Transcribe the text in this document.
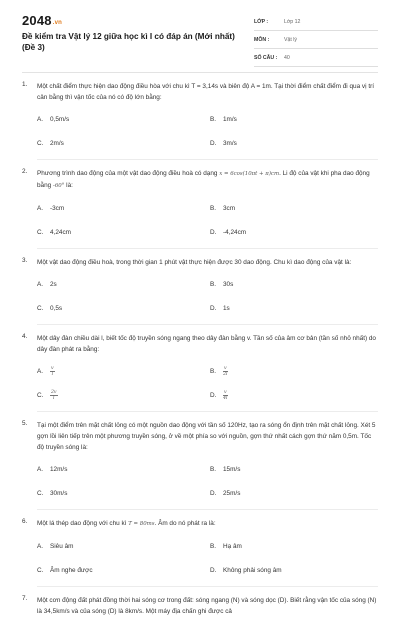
2048.vn
Đề kiểm tra Vật lý 12 giữa học kì I có đáp án (Mới nhất) (Đề 3)
LỚP :	Lớp 12
MÔN :	Vật lý
SỐ CÂU :	40
1. Một chất điểm thực hiện dao động điều hòa với chu kì T = 3,14s và biên độ A = 1m. Tại thời điểm chất điểm đi qua vị trí cân bằng thì vận tốc của nó có độ lớn bằng:
A.	0,5m/s	B.	1m/s
C.	2m/s	D.	3m/s
2. Phương trình dao động của một vật dao động điều hoà có dạng x = 6cos(10πt + π)cm. Li độ của vật khi pha dao động bằng -60° là:
A.	-3cm	B.	3cm
C.	4,24cm	D.	-4,24cm
3. Một vật dao động điều hoà, trong thời gian 1 phút vật thực hiện được 30 dao động. Chu kì dao động của vật là:
A.	2s	B.	30s
C.	0,5s	D.	1s
4. Một dây đàn chiều dài l, biết tốc độ truyền sóng ngang theo dây đàn bằng v. Tần số của âm cơ bản (tần số nhỏ nhất) do dây đàn phát ra bằng:
A.	$\frac{v}{l}$	B.	$\frac{v}{2l}$
C.	$\frac{2v}{l}$	D.	$\frac{v}{4l}$
5. Tại một điểm trên mặt chất lỏng có một nguồn dao động với tần số 120Hz, tạo ra sóng ổn định trên mặt chất lỏng. Xét 5 gợn lồi liên tiếp trên một phương truyền sóng, ở về một phía so với nguồn, gợn thứ nhất cách gợn thứ năm 0,5m. Tốc độ truyền sóng là:
A.	12m/s	B.	15m/s
C.	30m/s	D.	25m/s
6. Một lá thép dao động với chu kì T = 80ms. Âm do nó phát ra là:
A.	Siêu âm	B.	Hạ âm
C.	Âm nghe được	D.	Không phải sóng âm
7. Một cơn động đất phát đồng thời hai sóng cơ trong đất: sóng ngang (N) và sóng dọc (D). Biết rằng vận tốc của sóng (N) là 34,5km/s và của sóng (D) là 8km/s. Một máy địa chấn ghi được cả
